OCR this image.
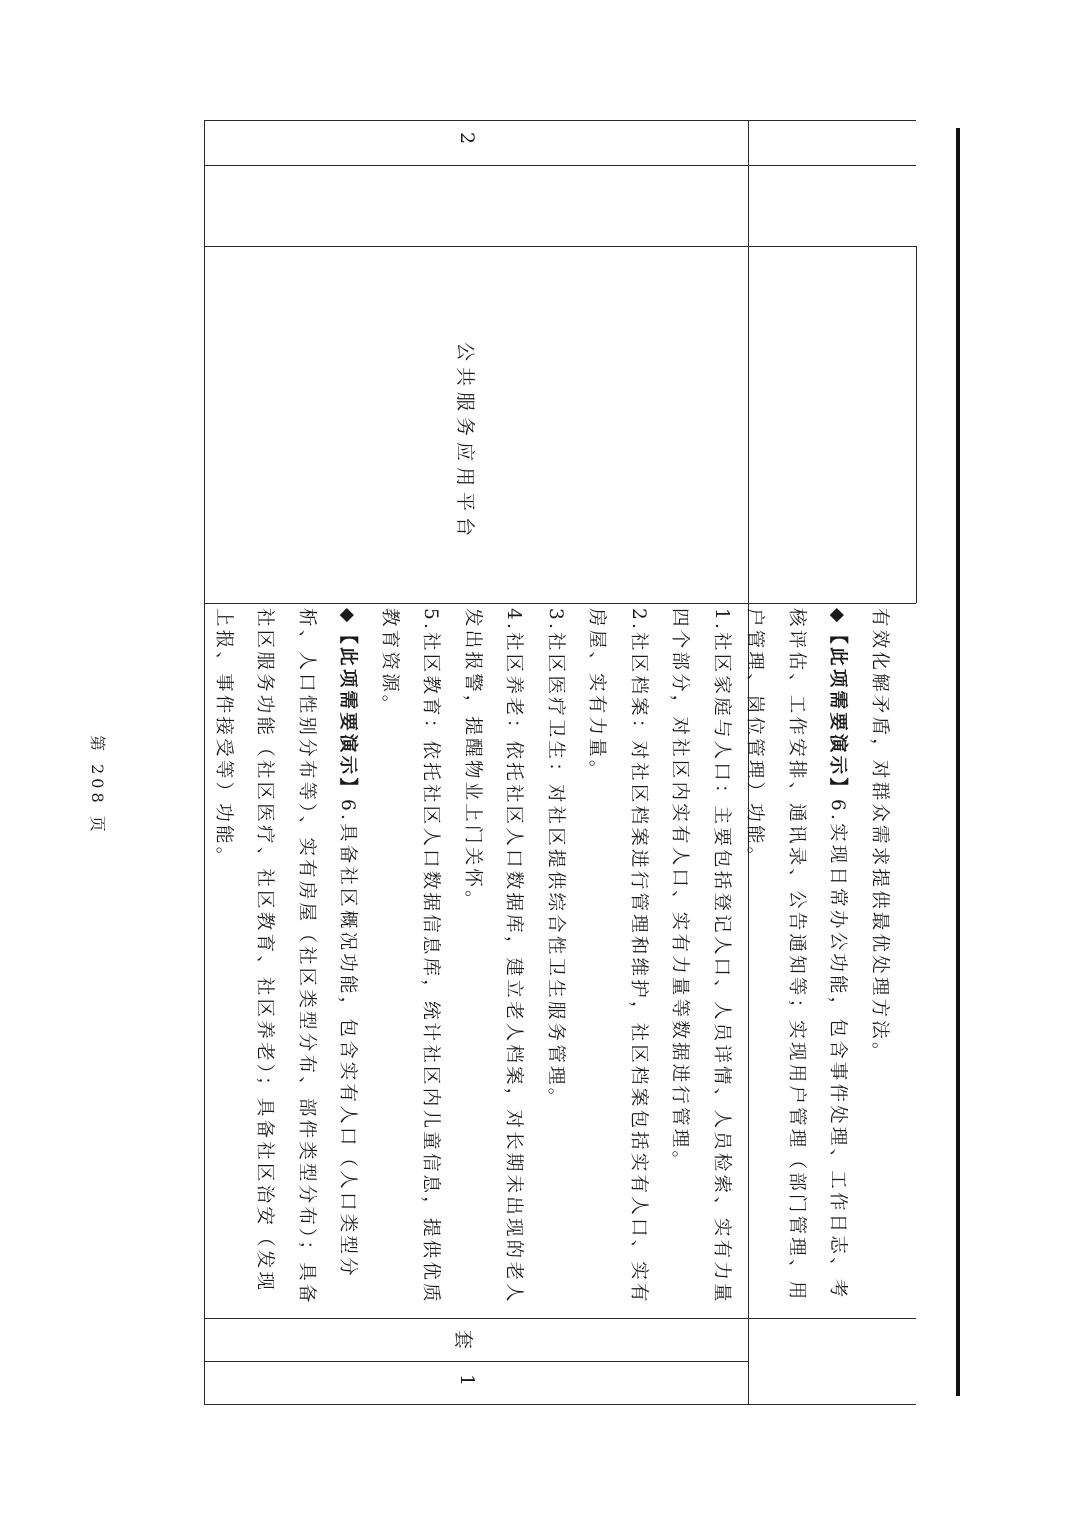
2
公共服务应用平台

有效化解矛盾，对群众需求提供最优处理方法。

◆【此项需要演示】6.实现日常办公功能，包含事件处理、工作日志、考核评估、工作安排、通讯录、公告通知等；实现用户管理（部门管理、用户管理、岗位管理）功能。

1.社区家庭与人口：主要包括登记人口、人员详情、人员检索、实有力量四个部分，对社区内实有人口、实有力量等数据进行管理。

2.社区档案：对社区档案进行管理和维护，社区档案包括实有人口、实有房屋、实有力量。

3.社区医疗卫生：对社区提供综合性卫生服务管理。

4.社区养老：依托社区人口数据库，建立老人档案，对长期未出现的老人发出报警，提醒物业上门关怀。

5.社区教育：依托社区人口数据信息库，统计社区内儿童信息，提供优质教育资源。

◆【此项需要演示】6.具备社区概况功能，包含实有人口（人口类型分析、人口性别分布等）、实有房屋（社区类型分布、部件类型分布）；具备社区服务功能（社区医疗、社区教育、社区养老）；具备社区治安（发现上报、事件接受等）功能。

套
1
第 208 页
